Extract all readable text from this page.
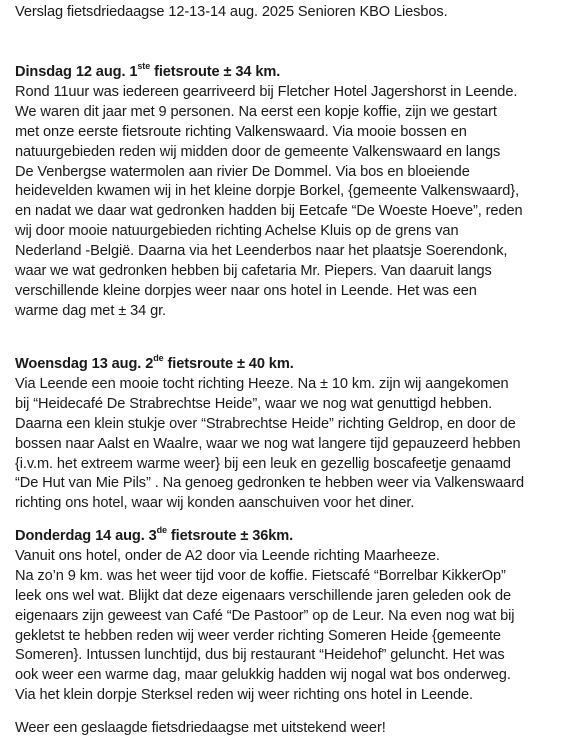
Verslag fietsdriedaagse 12-13-14 aug. 2025 Senioren KBO Liesbos.
Dinsdag 12 aug. 1ste fietsroute ± 34 km.
Rond 11uur was iedereen gearriveerd bij Fletcher Hotel Jagershorst in Leende.
We waren dit jaar met 9 personen. Na eerst een kopje koffie, zijn we gestart
met onze eerste fietsroute richting Valkenswaard. Via mooie bossen en
natuurgebieden reden wij midden door de gemeente Valkenswaard en langs
De Venbergse watermolen aan rivier De Dommel. Via bos en bloeiende
heidevelden kwamen wij in het kleine dorpje Borkel, {gemeente Valkenswaard},
en nadat we daar wat gedronken hadden bij Eetcafe “De Woeste Hoeve”, reden
wij door mooie natuurgebieden richting Achelse Kluis op de grens van
Nederland -België. Daarna via het Leenderbos naar het plaatsje Soerendonk,
waar we wat gedronken hebben bij cafetaria Mr. Piepers. Van daaruit langs
verschillende kleine dorpjes weer naar ons hotel in Leende. Het was een
warme dag met ± 34 gr.
Woensdag 13 aug. 2de fietsroute ± 40 km.
Via Leende een mooie tocht richting Heeze. Na ± 10 km. zijn wij aangekomen
bij “Heidecafé De Strabrechtse Heide”, waar we nog wat genuttigd hebben.
Daarna een klein stukje over “Strabrechtse Heide” richting Geldrop, en door de
bossen naar Aalst en Waalre, waar we nog wat langere tijd gepauzeerd hebben
{i.v.m. het extreem warme weer} bij een leuk en gezellig boscafeetje genaamd
“De Hut van Mie Pils” . Na genoeg gedronken te hebben weer via Valkenswaard
richting ons hotel, waar wij konden aanschuiven voor het diner.
Donderdag 14 aug. 3de fietsroute ± 36km.
Vanuit ons hotel, onder de A2 door via Leende richting Maarheeze.
Na zo’n 9 km. was het weer tijd voor de koffie. Fietscafé “Borrelbar KikkerOp”
leek ons wel wat. Blijkt dat deze eigenaars verschillende jaren geleden ook de
eigenaars zijn geweest van Café “De Pastoor” op de Leur. Na even nog wat bij
gekletst te hebben reden wij weer verder richting Someren Heide {gemeente
Someren}. Intussen lunchtijd, dus bij restaurant “Heidehof” geluncht. Het was
ook weer een warme dag, maar gelukkig hadden wij nogal wat bos onderweg.
Via het klein dorpje Sterksel reden wij weer richting ons hotel in Leende.
Weer een geslaagde fietsdriedaagse met uitstekend weer!
